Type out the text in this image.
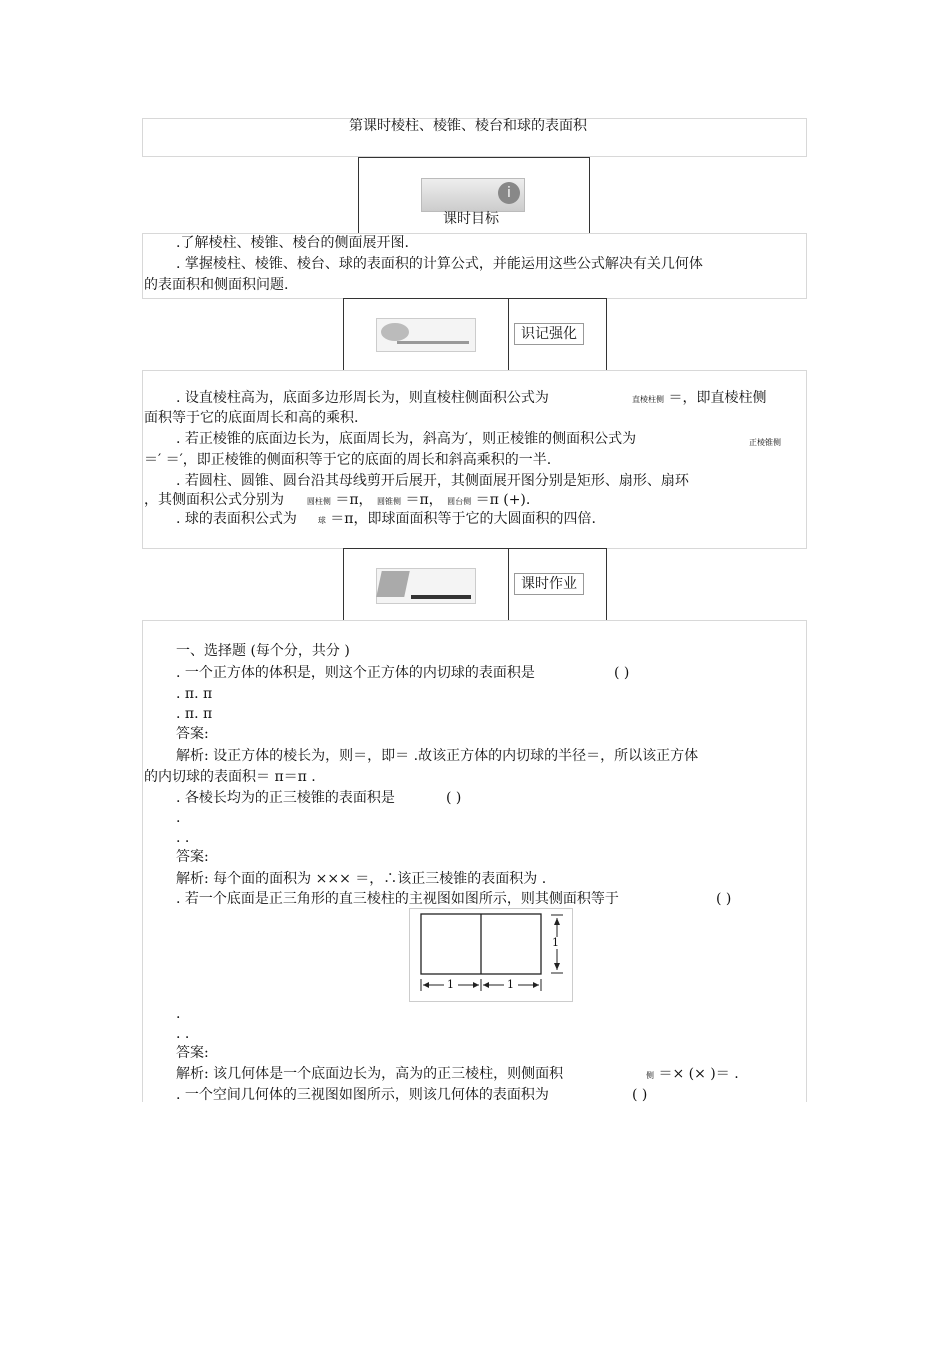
第课时棱柱、棱锥、棱台和球的表面积
i
课时目标
.了解棱柱、棱锥、棱台的侧面展开图.
. 掌握棱柱、棱锥、棱台、球的表面积的计算公式，并能运用这些公式解决有关几何体
的表面积和侧面积问题.
识记强化
. 设直棱柱高为，底面多边形周长为，则直棱柱侧面积公式为	直棱柱侧 ＝，即直棱柱侧
面积等于它的底面周长和高的乘积.
. 若正棱锥的底面边长为，底面周长为，斜高为′，则正棱锥的侧面积公式为	正棱锥侧
＝′ ＝′，即正棱锥的侧面积等于它的底面的周长和斜高乘积的一半.
. 若圆柱、圆锥、圆台沿其母线剪开后展开，其侧面展开图分别是矩形、扇形、扇环
，其侧面积公式分别为	圆柱侧 ＝π， 圆锥侧 ＝π， 圆台侧 ＝π (+).
. 球的表面积公式为	球 ＝π，即球面面积等于它的大圆面积的四倍.
课时作业
一、选择题 (每个分，共分 )
. 一个正方体的体积是，则这个正方体的内切球的表面积是	( )
. π. π
. π. π
答案:
解析: 设正方体的棱长为，则＝，即＝ .故该正方体的内切球的半径＝，所以该正方体
的内切球的表面积＝ π＝π .
. 各棱长均为的正三棱锥的表面积是	( )
.
. .
答案:
解析: 每个面的面积为 ××× ＝，∴该正三棱锥的表面积为 .
. 若一个底面是正三角形的直三棱柱的主视图如图所示，则其侧面积等于	( )
1
1	1
.
. .
答案:
解析: 该几何体是一个底面边长为，高为的正三棱柱，则侧面积	侧 ＝× (× )＝ .
. 一个空间几何体的三视图如图所示，则该几何体的表面积为	( )
